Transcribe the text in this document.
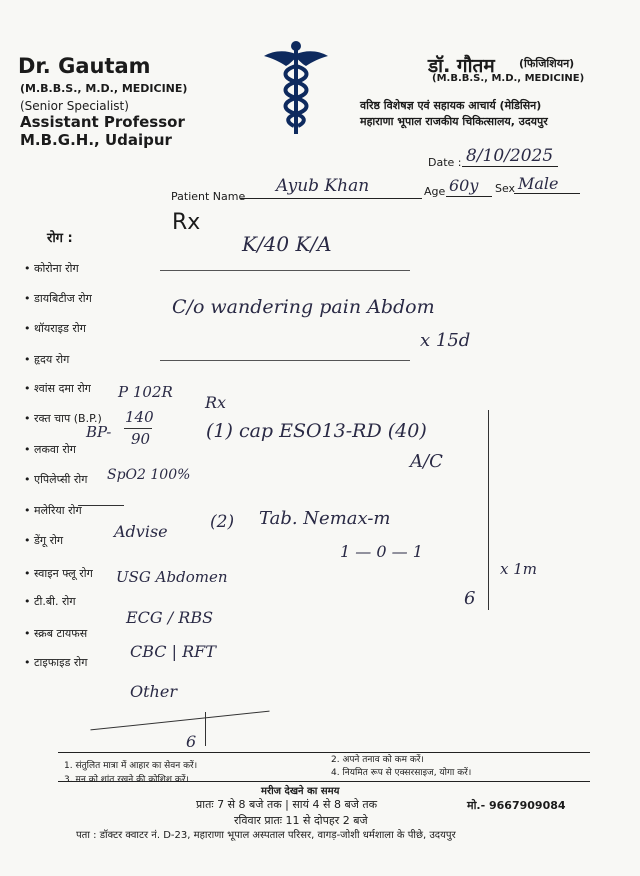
Dr. Gautam
(M.B.B.S., M.D., MEDICINE)
(Senior Specialist)
Assistant Professor
M.B.G.H., Udaipur
डॉ. गौतम (फिजिशियन)
(M.B.B.S., M.D., MEDICINE)
वरिष्ठ विशेषज्ञ एवं सहायक आचार्य (मेडिसिन)
महाराणा भूपाल राजकीय चिकित्सालय, उदयपुर
Date : 8/10/2025
Patient Name
Ayub Khan	Age 60y Sex Male
Rx
रोग :
• कोरोना रोग
• डायबिटीज रोग
• थॉयराइड रोग
• हृदय रोग
• श्वांस दमा रोग
• रक्त चाप (B.P.)
• लकवा रोग
• एपिलेप्सी रोग
• मलेरिया रोग
• डेंगू रोग
• स्वाइन फ्लू रोग
• टी.बी. रोग
• स्क्रब टायफस
• टाइफाइड रोग
K/40 K/A
C/o wandering pain Abdom
x 15d
P 102R
Rx
140
BP- 90
SpO2 100%
(1) cap ESO13-RD (40)
A/C
Advise (2) Tab. Nemax-m
1 — 0 — 1
x 1m
6
USG Abdomen
ECG / RBS
CBC | RFT
Other
6
1. संतुलित मात्रा में आहार का सेवन करें।
2. अपने तनाव को कम करें।
3. मन को शांत रखने की कोशिश करें।
4. नियमित रूप से एक्सरसाइज, योगा करें।
मरीज देखने का समय
प्रातः 7 से 8 बजे तक | सायं 4 से 8 बजे तक
रविवार प्रातः 11 से दोपहर 2 बजे
मो.- 9667909084
पता : डॉक्टर क्वाटर नं. D-23, महाराणा भूपाल अस्पताल परिसर, वागड़-जोशी धर्मशाला के पीछे, उदयपुर
